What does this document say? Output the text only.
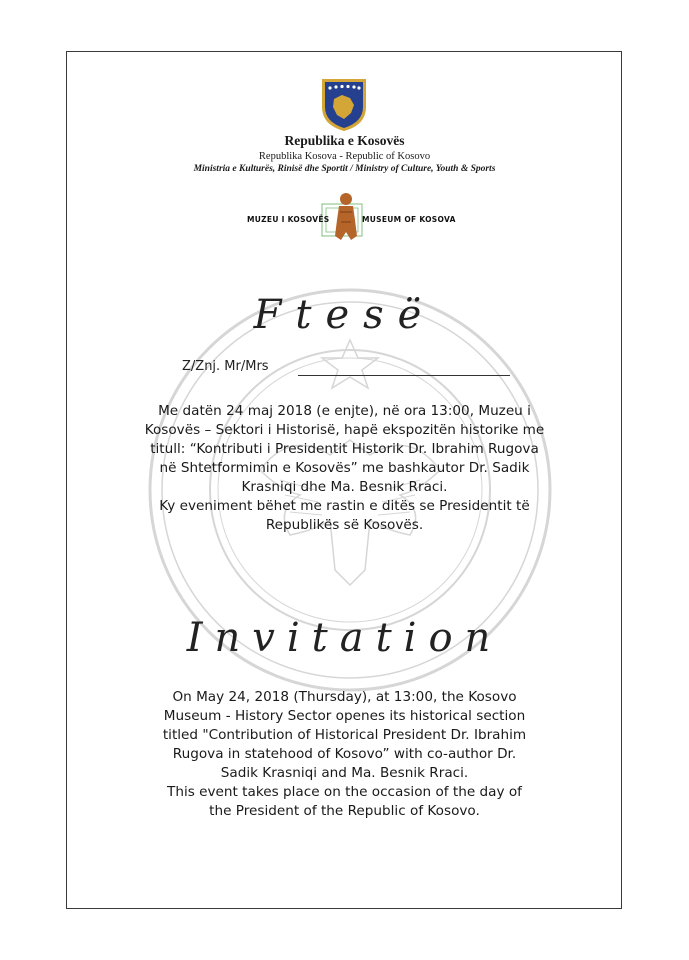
Republika e Kosovës
Republika Kosova - Republic of Kosovo
Ministria e Kulturës, Rinisë dhe Sportit / Ministry of Culture, Youth & Sports
MUZEU I KOSOVËS	MUSEUM OF KOSOVA
Ftesë
Z/Znj. Mr/Mrs
Me datën 24 maj 2018 (e enjte), në ora 13:00, Muzeu i
Kosovës – Sektori i Historisë, hapë ekspozitën historike me
titull: “Kontributi i Presidentit Historik Dr. Ibrahim Rugova
në Shtetformimin e Kosovës” me bashkautor Dr. Sadik
Krasniqi dhe Ma. Besnik Rraci.
Ky eveniment bëhet me rastin e ditës se Presidentit të
Republikës së Kosovës.
Invitation
On May 24, 2018 (Thursday), at 13:00, the Kosovo
Museum - History Sector openes its historical section
titled "Contribution of Historical President Dr. Ibrahim
Rugova in statehood of Kosovo” with co-author Dr.
Sadik Krasniqi and Ma. Besnik Rraci.
This event takes place on the occasion of the day of
the President of the Republic of Kosovo.
